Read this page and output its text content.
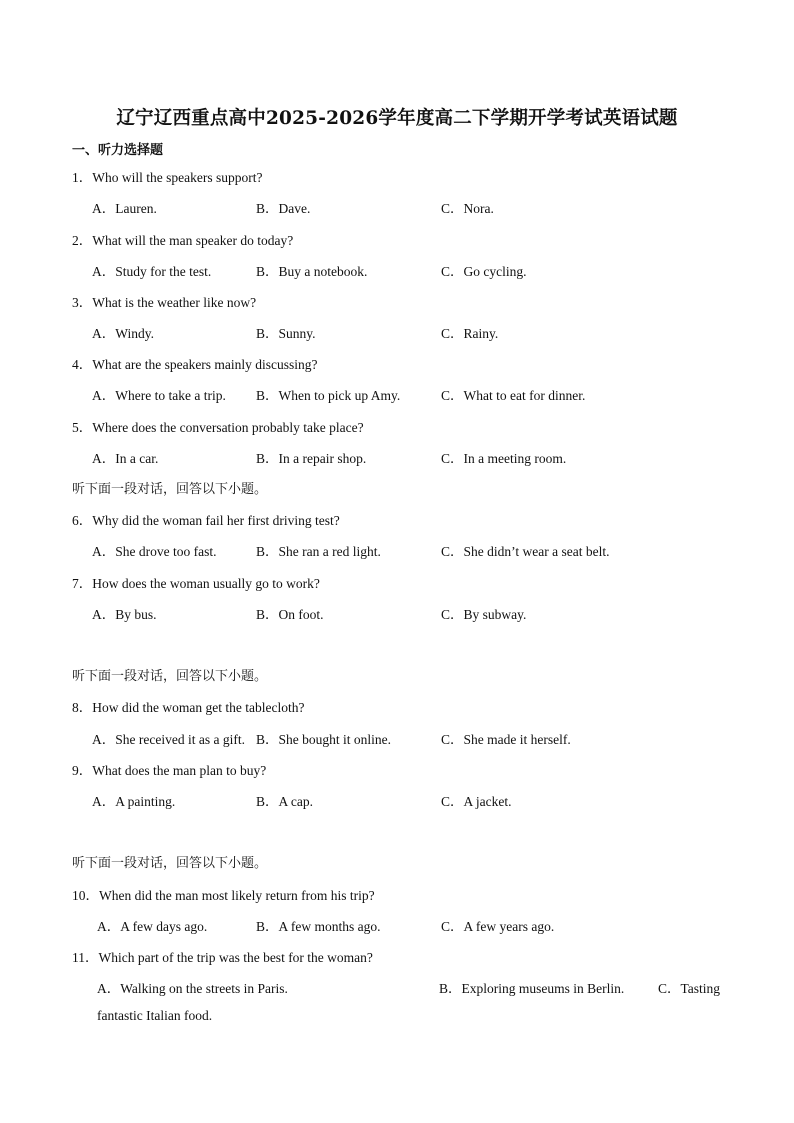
辽宁辽西重点高中2025-2026学年度高二下学期开学考试英语试题
一、听力选择题
1．Who will the speakers support?
A．Lauren.	B．Dave.	C．Nora.
2．What will the man speaker do today?
A．Study for the test.	B．Buy a notebook.	C．Go cycling.
3．What is the weather like now?
A．Windy.	B．Sunny.	C．Rainy.
4．What are the speakers mainly discussing?
A．Where to take a trip. B．When to pick up Amy.	C．What to eat for dinner.
5．Where does the conversation probably take place?
A．In a car.	B．In a repair shop.	C．In a meeting room.
听下面一段对话，回答以下小题。
6．Why did the woman fail her first driving test?
A．She drove too fast.	B．She ran a red light.	C．She didn’t wear a seat belt.
7．How does the woman usually go to work?
A．By bus.	B．On foot.	C．By subway.
听下面一段对话，回答以下小题。
8．How did the woman get the tablecloth?
A．She received it as a gift. B．She bought it online.	C．She made it herself.
9．What does the man plan to buy?
A．A painting.	B．A cap.	C．A jacket.
听下面一段对话，回答以下小题。
10．When did the man most likely return from his trip?
A．A few days ago.	B．A few months ago.	C．A few years ago.
11．Which part of the trip was the best for the woman?
A．Walking on the streets in Paris.	B．Exploring museums in Berlin.	C．Tasting
fantastic Italian food.
